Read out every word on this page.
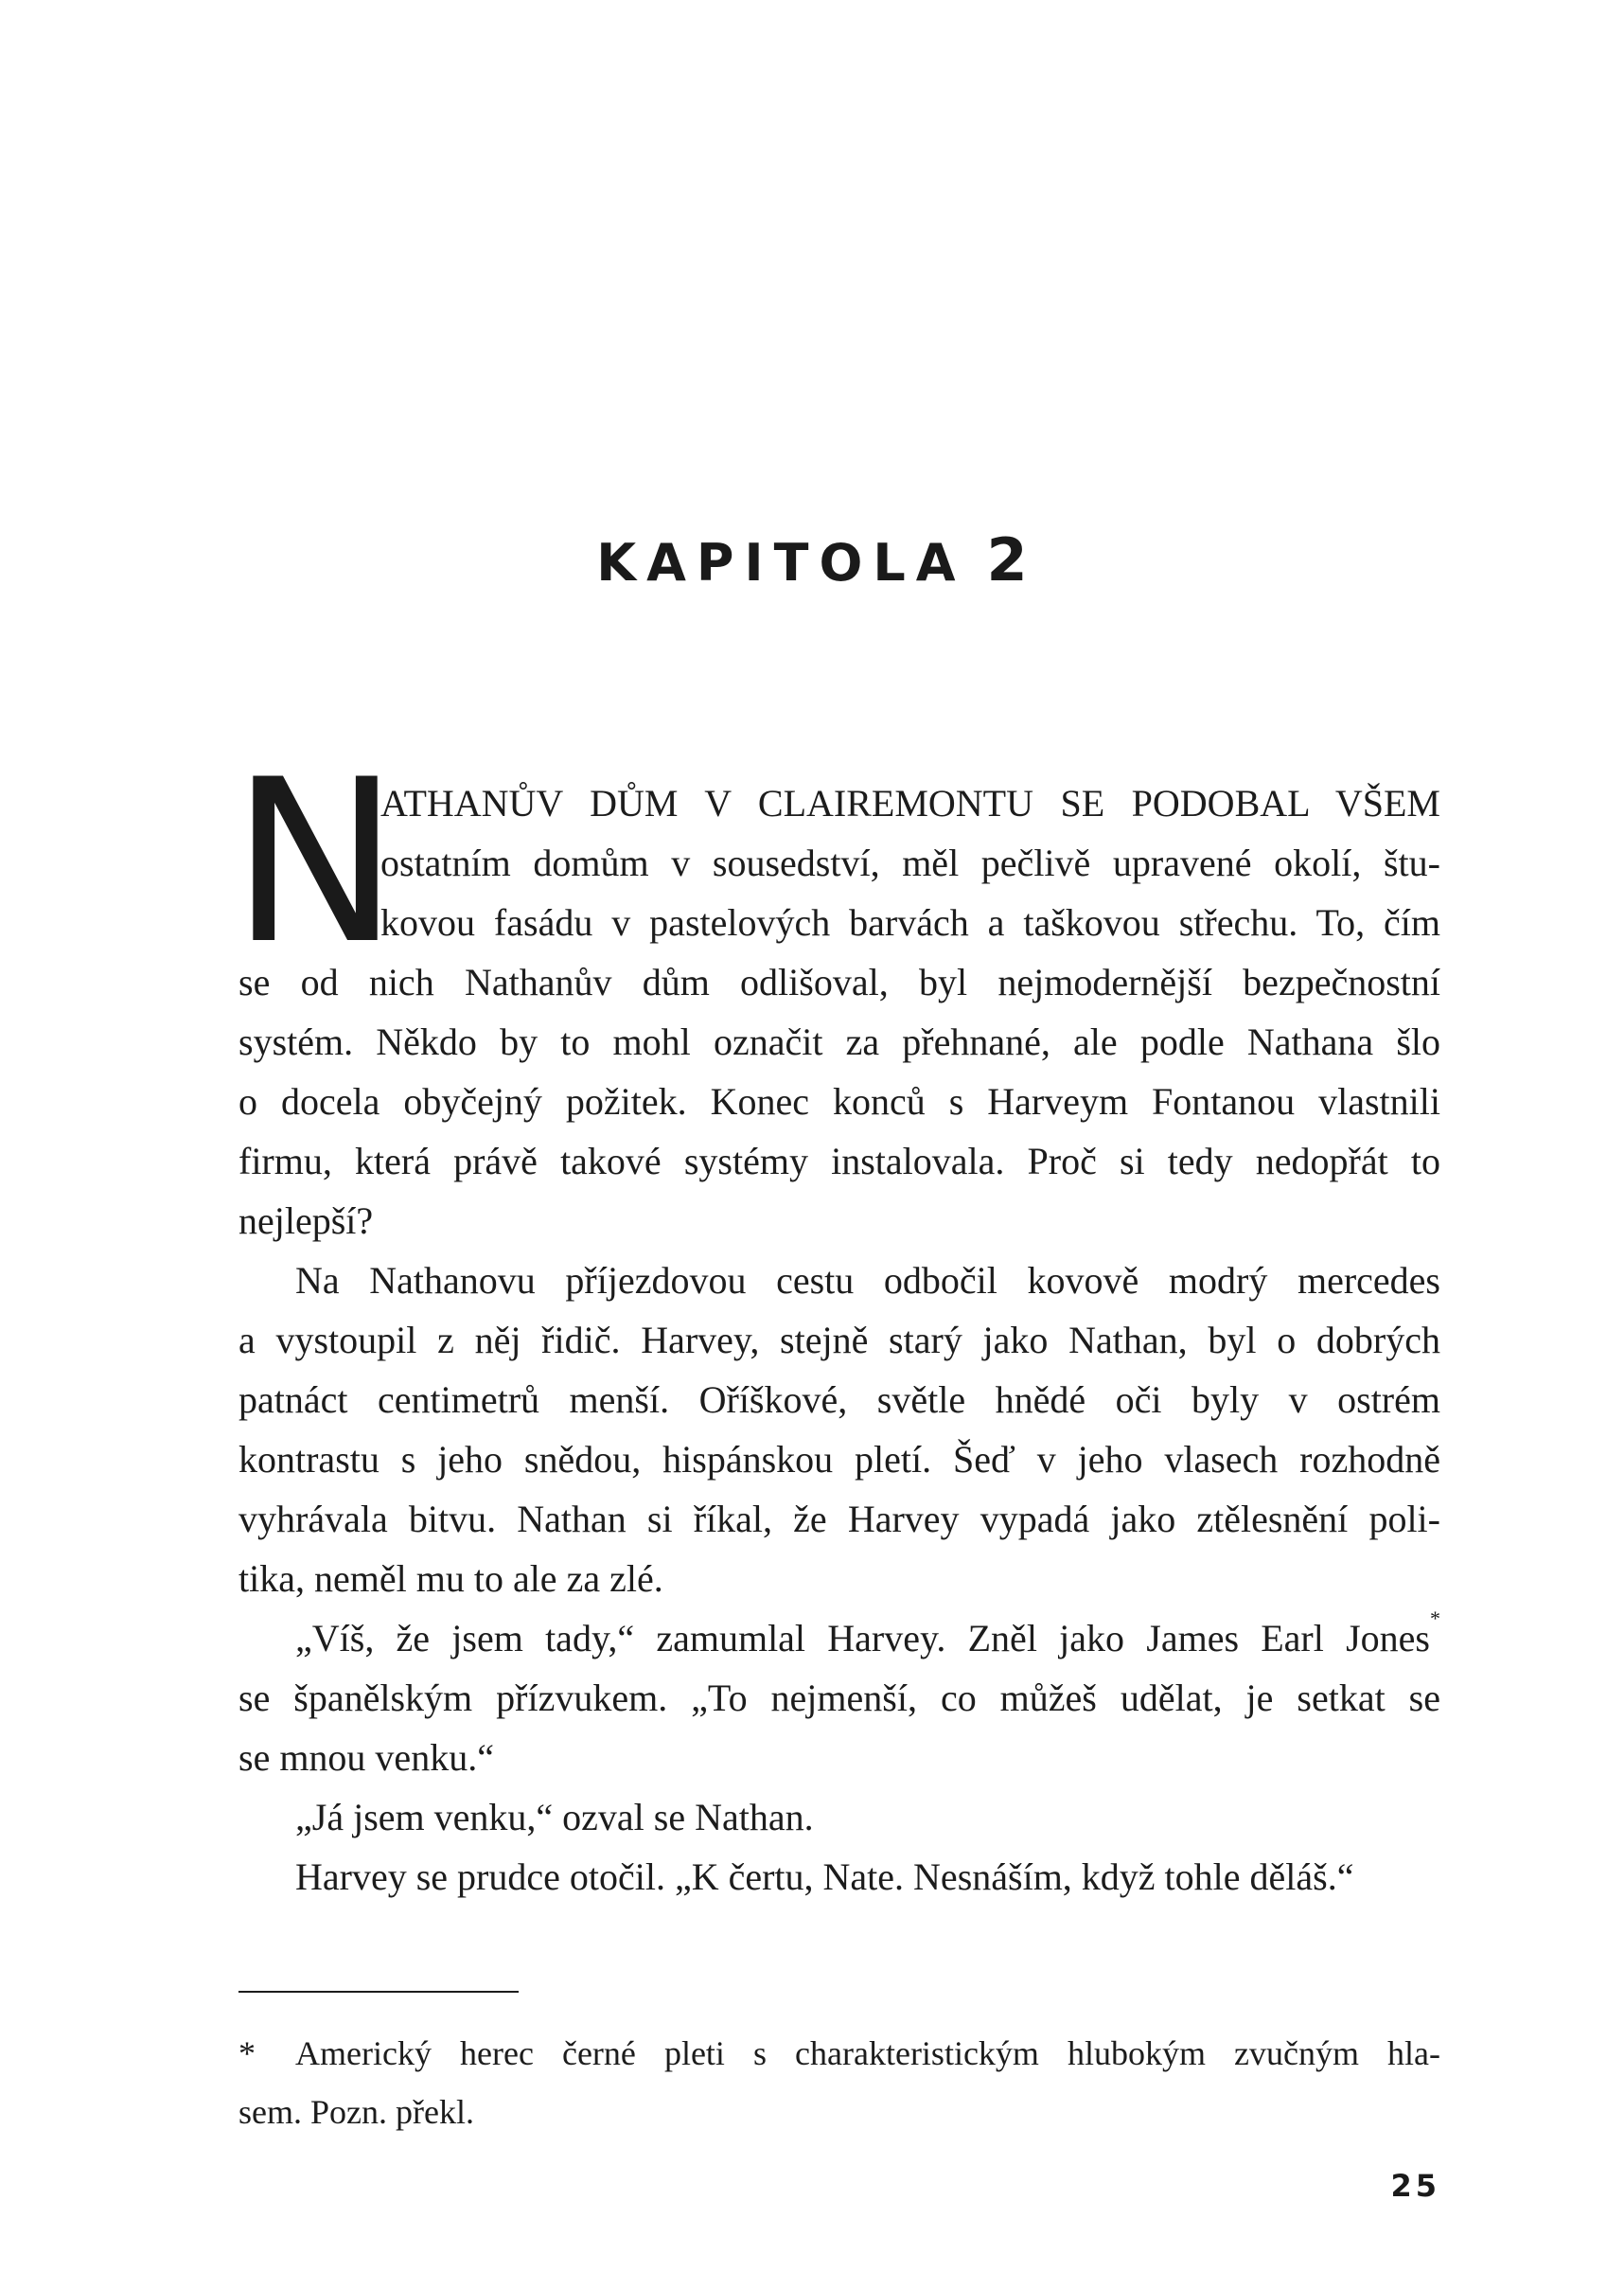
KAPITOLA 2
N
ATHANŮV DŮM V CLAIREMONTU SE PODOBAL VŠEM
ostatním domům v sousedství, měl pečlivě upravené okolí, štu-
kovou fasádu v pastelových barvách a taškovou střechu. To, čím
se od nich Nathanův dům odlišoval, byl nejmodernější bezpečnostní
systém. Někdo by to mohl označit za přehnané, ale podle Nathana šlo
o docela obyčejný požitek. Konec konců s Harveym Fontanou vlastnili
firmu, která právě takové systémy instalovala. Proč si tedy nedopřát to
nejlepší?
Na Nathanovu příjezdovou cestu odbočil kovově modrý mercedes
a vystoupil z něj řidič. Harvey, stejně starý jako Nathan, byl o dobrých
patnáct centimetrů menší. Oříškové, světle hnědé oči byly v ostrém
kontrastu s jeho snědou, hispánskou pletí. Šeď v jeho vlasech rozhodně
vyhrávala bitvu. Nathan si říkal, že Harvey vypadá jako ztělesnění poli-
tika, neměl mu to ale za zlé.
„Víš, že jsem tady,“ zamumlal Harvey. Zněl jako James Earl Jones*
se španělským přízvukem. „To nejmenší, co můžeš udělat, je setkat se
se mnou venku.“
„Já jsem venku,“ ozval se Nathan.
Harvey se prudce otočil. „K čertu, Nate. Nesnáším, když tohle děláš.“
* Americký herec černé pleti s charakteristickým hlubokým zvučným hla-
sem. Pozn. překl.
25
